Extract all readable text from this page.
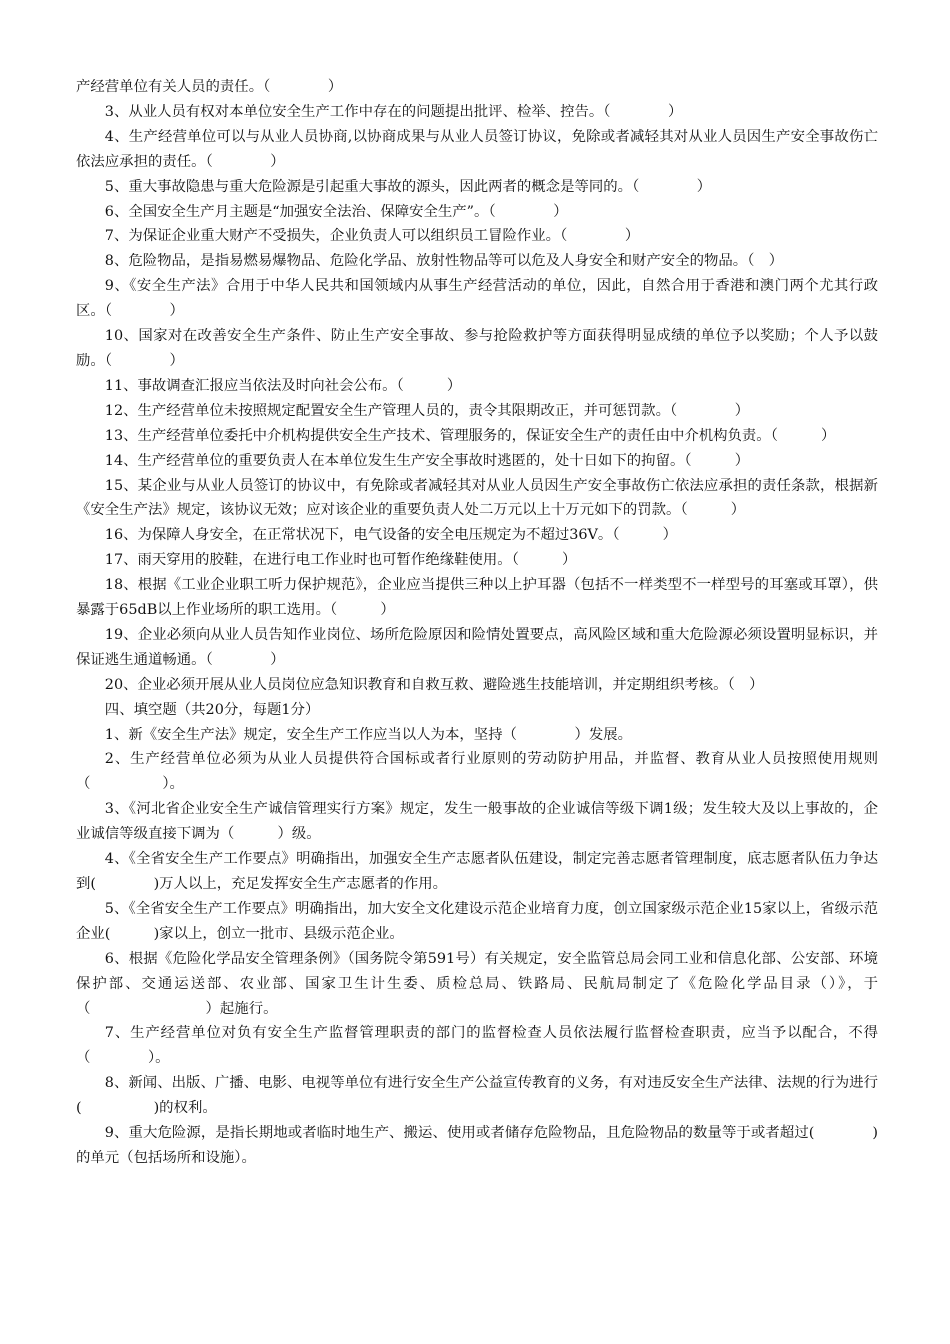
产经营单位有关人员的责任。（　　　　）

3、从业人员有权对本单位安全生产工作中存在的问题提出批评、检举、控告。（　　　　）

4、生产经营单位可以与从业人员协商,以协商成果与从业人员签订协议，免除或者减轻其对从业人员因生产安全事故伤亡依法应承担的责任。（　　　　）

5、重大事故隐患与重大危险源是引起重大事故的源头，因此两者的概念是等同的。（　　　　）

6、全国安全生产月主题是“加强安全法治、保障安全生产”。（　　　　）

7、为保证企业重大财产不受损失，企业负责人可以组织员工冒险作业。（　　　　）

8、危险物品，是指易燃易爆物品、危险化学品、放射性物品等可以危及人身安全和财产安全的物品。（　）

9、《安全生产法》合用于中华人民共和国领域内从事生产经营活动的单位，因此，自然合用于香港和澳门两个尤其行政区。（　　　　）

10、国家对在改善安全生产条件、防止生产安全事故、参与抢险救护等方面获得明显成绩的单位予以奖励；个人予以鼓励。（　　　　）

11、事故调查汇报应当依法及时向社会公布。（　　　）

12、生产经营单位未按照规定配置安全生产管理人员的，责令其限期改正，并可惩罚款。（　　　　）

13、生产经营单位委托中介机构提供安全生产技术、管理服务的，保证安全生产的责任由中介机构负责。（　　　）

14、生产经营单位的重要负责人在本单位发生生产安全事故时逃匿的，处十日如下的拘留。（　　　）

15、某企业与从业人员签订的协议中，有免除或者减轻其对从业人员因生产安全事故伤亡依法应承担的责任条款，根据新《安全生产法》规定，该协议无效；应对该企业的重要负责人处二万元以上十万元如下的罚款。（　　　）

16、为保障人身安全，在正常状况下，电气设备的安全电压规定为不超过36V。（　　　）

17、雨天穿用的胶鞋，在进行电工作业时也可暂作绝缘鞋使用。（　　　）

18、根据《工业企业职工听力保护规范》，企业应当提供三种以上护耳器（包括不一样类型不一样型号的耳塞或耳罩），供暴露于65dB以上作业场所的职工选用。（　　　）

19、企业必须向从业人员告知作业岗位、场所危险原因和险情处置要点，高风险区域和重大危险源必须设置明显标识，并保证逃生通道畅通。（　　　　）

20、企业必须开展从业人员岗位应急知识教育和自救互救、避险逃生技能培训，并定期组织考核。（　）

四、填空题（共20分，每题1分）

1、新《安全生产法》规定，安全生产工作应当以人为本，坚持（　　　　）发展。

2、生产经营单位必须为从业人员提供符合国标或者行业原则的劳动防护用品，并监督、教育从业人员按照使用规则（　　　　　）。

3、《河北省企业安全生产诚信管理实行方案》规定，发生一般事故的企业诚信等级下调1级；发生较大及以上事故的，企业诚信等级直接下调为（　　　）级。

4、《全省安全生产工作要点》明确指出，加强安全生产志愿者队伍建设，制定完善志愿者管理制度，底志愿者队伍力争达到(　　　　)万人以上，充足发挥安全生产志愿者的作用。

5、《全省安全生产工作要点》明确指出，加大安全文化建设示范企业培育力度，创立国家级示范企业15家以上，省级示范企业(　　　)家以上，创立一批市、县级示范企业。

6、根据《危险化学品安全管理条例》（国务院令第591号）有关规定，安全监管总局会同工业和信息化部、公安部、环境保护部、交通运送部、农业部、国家卫生计生委、质检总局、铁路局、民航局制定了《危险化学品目录（）》，于（　　　　　　　　）起施行。

7、生产经营单位对负有安全生产监督管理职责的部门的监督检查人员依法履行监督检查职责，应当予以配合，不得（　　　　）。

8、新闻、出版、广播、电影、电视等单位有进行安全生产公益宣传教育的义务，有对违反安全生产法律、法规的行为进行(　　　　　)的权利。

9、重大危险源，是指长期地或者临时地生产、搬运、使用或者储存危险物品，且危险物品的数量等于或者超过(　　　　)的单元（包括场所和设施）。
